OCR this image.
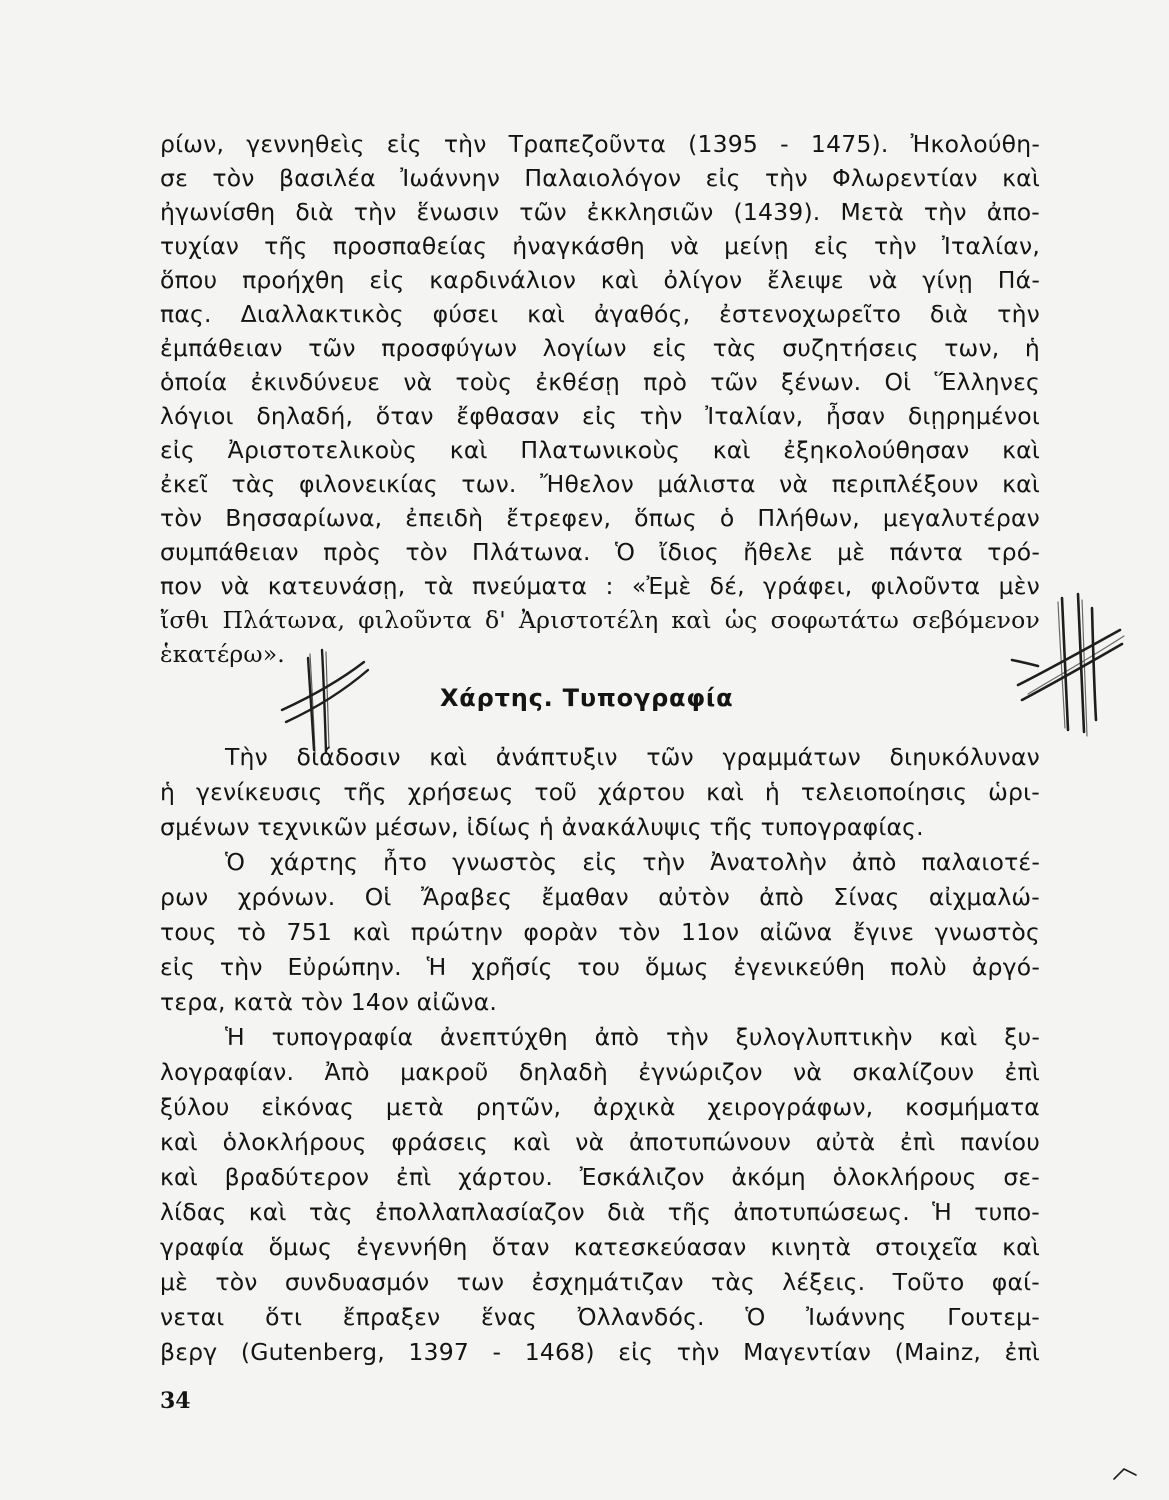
ρίων, γεννηθεὶς εἰς τὴν Τραπεζοῦντα (1395 - 1475). Ἠκολούθη-
σε τὸν βασιλέα Ἰωάννην Παλαιολόγον εἰς τὴν Φλωρεντίαν καὶ
ἠγωνίσθη διὰ τὴν ἕνωσιν τῶν ἐκκλησιῶν (1439). Μετὰ τὴν ἀπο-
τυχίαν τῆς προσπαθείας ἠναγκάσθη νὰ μείνῃ εἰς τὴν Ἰταλίαν,
ὅπου προήχθη εἰς καρδινάλιον καὶ ὀλίγον ἔλειψε νὰ γίνῃ Πά-
πας. Διαλλακτικὸς φύσει καὶ ἀγαθός, ἐστενοχωρεῖτο διὰ τὴν
ἐμπάθειαν τῶν προσφύγων λογίων εἰς τὰς συζητήσεις των, ἡ
ὁποία ἐκινδύνευε νὰ τοὺς ἐκθέσῃ πρὸ τῶν ξένων. Οἱ Ἕλληνες
λόγιοι δηλαδή, ὅταν ἔφθασαν εἰς τὴν Ἰταλίαν, ἦσαν διῃρημένοι
εἰς Ἀριστοτελικοὺς καὶ Πλατωνικοὺς καὶ ἐξηκολούθησαν καὶ
ἐκεῖ τὰς φιλονεικίας των. Ἤθελον μάλιστα νὰ περιπλέξουν καὶ
τὸν Βησσαρίωνα, ἐπειδὴ ἔτρεφεν, ὅπως ὁ Πλήθων, μεγαλυτέραν
συμπάθειαν πρὸς τὸν Πλάτωνα. Ὁ ἴδιος ἤθελε μὲ πάντα τρό-
πον νὰ κατευνάσῃ, τὰ πνεύματα : «Ἐμὲ δέ, γράφει, φιλοῦντα μὲν
ἴσθι Πλάτωνα, φιλοῦντα δ' Ἀριστοτέλη καὶ ὡς σοφωτάτω σεβόμενον
ἑκατέρω».
Χάρτης. Τυπογραφία
Τὴν διάδοσιν καὶ ἀνάπτυξιν τῶν γραμμάτων διηυκόλυναν
ἡ γενίκευσις τῆς χρήσεως τοῦ χάρτου καὶ ἡ τελειοποίησις ὡρι-
σμένων τεχνικῶν μέσων, ἰδίως ἡ ἀνακάλυψις τῆς τυπογραφίας.
Ὁ χάρτης ἦτο γνωστὸς εἰς τὴν Ἀνατολὴν ἀπὸ παλαιοτέ-
ρων χρόνων. Οἱ Ἄραβες ἔμαθαν αὐτὸν ἀπὸ Σίνας αἰχμαλώ-
τους τὸ 751 καὶ πρώτην φορὰν τὸν 11ον αἰῶνα ἔγινε γνωστὸς
εἰς τὴν Εὐρώπην. Ἡ χρῆσίς του ὅμως ἐγενικεύθη πολὺ ἀργό-
τερα, κατὰ τὸν 14ον αἰῶνα.
Ἡ τυπογραφία ἀνεπτύχθη ἀπὸ τὴν ξυλογλυπτικὴν καὶ ξυ-
λογραφίαν. Ἀπὸ μακροῦ δηλαδὴ ἐγνώριζον νὰ σκαλίζουν ἐπὶ
ξύλου εἰκόνας μετὰ ρητῶν, ἀρχικὰ χειρογράφων, κοσμήματα
καὶ ὁλοκλήρους φράσεις καὶ νὰ ἀποτυπώνουν αὐτὰ ἐπὶ πανίου
καὶ βραδύτερον ἐπὶ χάρτου. Ἐσκάλιζον ἀκόμη ὁλοκλήρους σε-
λίδας καὶ τὰς ἐπολλαπλασίαζον διὰ τῆς ἀποτυπώσεως. Ἡ τυπο-
γραφία ὅμως ἐγεννήθη ὅταν κατεσκεύασαν κινητὰ στοιχεῖα καὶ
μὲ τὸν συνδυασμόν των ἐσχημάτιζαν τὰς λέξεις. Τοῦτο φαί-
νεται ὅτι ἔπραξεν ἕνας Ὀλλανδός. Ὁ Ἰωάννης Γουτεμ-
βεργ (Gutenberg, 1397 - 1468) εἰς τὴν Μαγεντίαν (Mainz, ἐπὶ
34
